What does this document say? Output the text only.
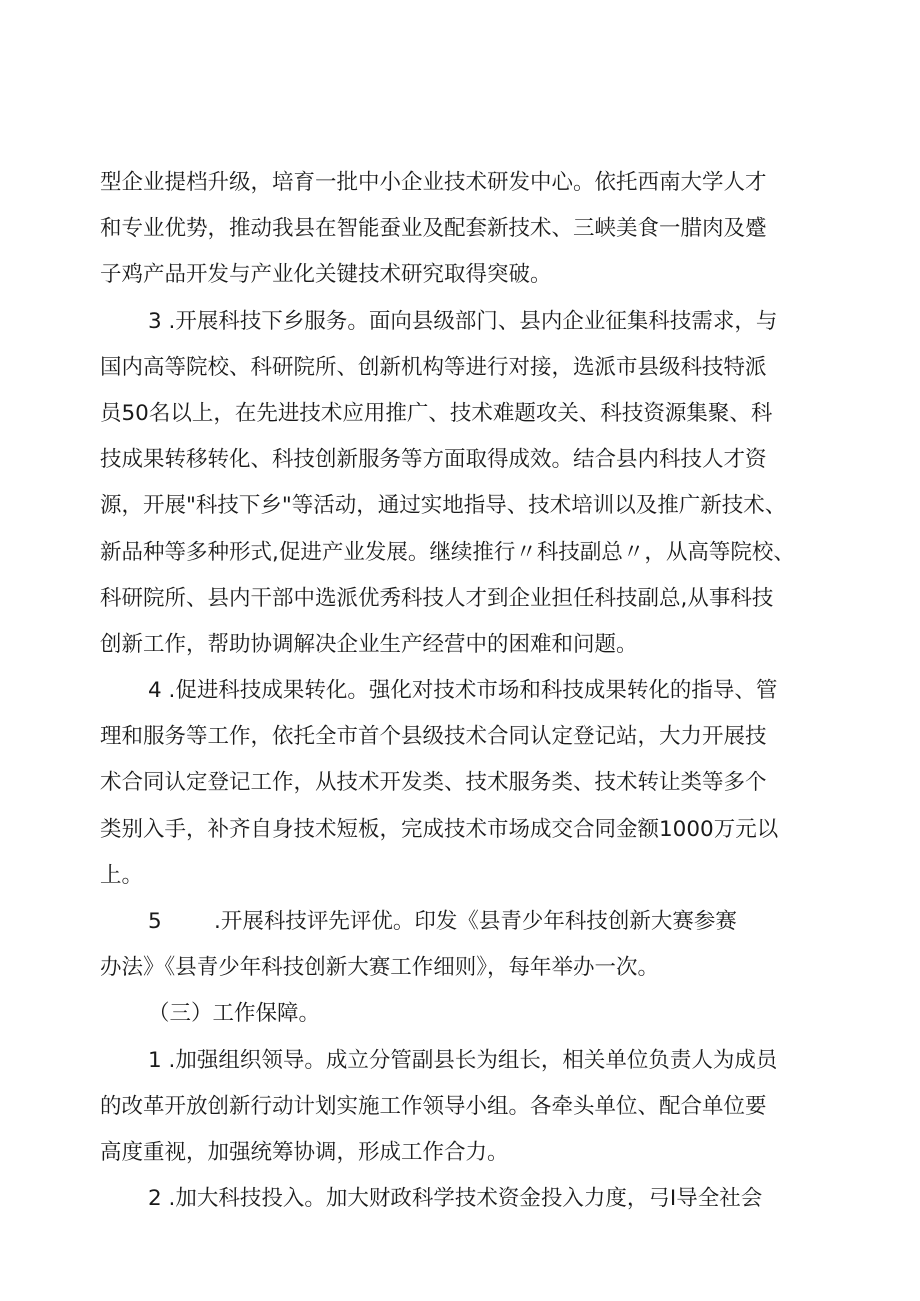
型企业提档升级，培育一批中小企业技术研发中心。依托西南大学人才
和专业优势，推动我县在智能蚕业及配套新技术、三峡美食一腊肉及蹙
子鸡产品开发与产业化关键技术研究取得突破。
3 .开展科技下乡服务。面向县级部门、县内企业征集科技需求，与
国内高等院校、科研院所、创新机构等进行对接，选派市县级科技特派
员50名以上，在先进技术应用推广、技术难题攻关、科技资源集聚、科
技成果转移转化、科技创新服务等方面取得成效。结合县内科技人才资
源，开展"科技下乡"等活动，通过实地指导、技术培训以及推广新技术、
新品种等多种形式,促进产业发展。继续推行〃科技副总〃，从高等院校、
科研院所、县内干部中选派优秀科技人才到企业担任科技副总,从事科技
创新工作，帮助协调解决企业生产经营中的困难和问题。
4 .促进科技成果转化。强化对技术市场和科技成果转化的指导、管
理和服务等工作，依托全市首个县级技术合同认定登记站，大力开展技
术合同认定登记工作，从技术开发类、技术服务类、技术转让类等多个
类别入手，补齐自身技术短板，完成技术市场成交合同金额1000万元以
上。
5 .开展科技评先评优。印发《县青少年科技创新大赛参赛
办法》《县青少年科技创新大赛工作细则》，每年举办一次。
（三）工作保障。
1 .加强组织领导。成立分管副县长为组长，相关单位负责人为成员
的改革开放创新行动计划实施工作领导小组。各牵头单位、配合单位要
高度重视，加强统筹协调，形成工作合力。
2 .加大科技投入。加大财政科学技术资金投入力度，弓I导全社会
